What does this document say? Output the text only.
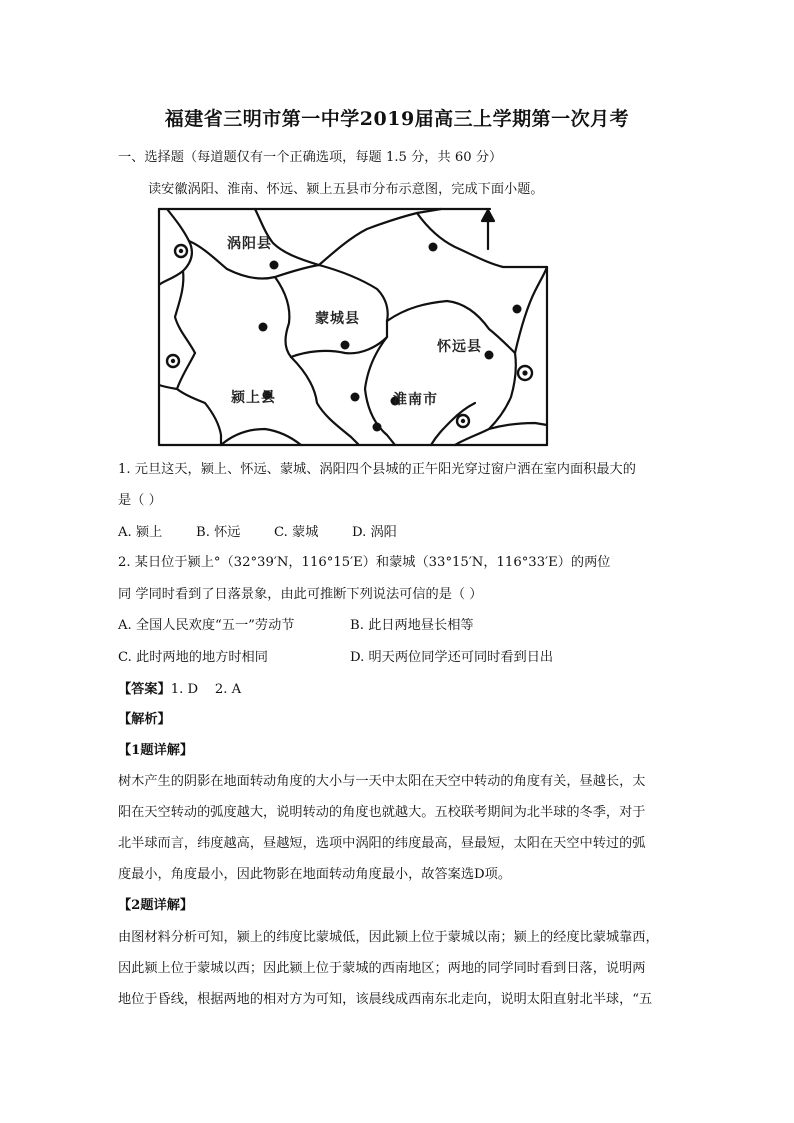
福建省三明市第一中学2019届高三上学期第一次月考
一、选择题（每道题仅有一个正确选项，每题 1.5 分，共 60 分）
读安徽涡阳、淮南、怀远、颍上五县市分布示意图，完成下面小题。
涡阳县
蒙城县
怀远县
颍上县	淮南市
1. 元旦这天，颍上、怀远、蒙城、涡阳四个县城的正午阳光穿过窗户洒在室内面积最大的
是（ ）
A. 颍上	B. 怀远	C. 蒙城	D. 涡阳
2. 某日位于颍上°（32°39′N，116°15′E）和蒙城（33°15′N，116°33′E）的两位
同 学同时看到了日落景象，由此可推断下列说法可信的是（ ）
A. 全国人民欢度“五一”劳动节	B. 此日两地昼长相等
C. 此时两地的地方时相同	D. 明天两位同学还可同时看到日出
【答案】1. D    2. A
【解析】
【1题详解】
树木产生的阴影在地面转动角度的大小与一天中太阳在天空中转动的角度有关，昼越长，太
阳在天空转动的弧度越大，说明转动的角度也就越大。五校联考期间为北半球的冬季，对于
北半球而言，纬度越高，昼越短，选项中涡阳的纬度最高，昼最短，太阳在天空中转过的弧
度最小，角度最小，因此物影在地面转动角度最小，故答案选D项。
【2题详解】
由图材料分析可知，颍上的纬度比蒙城低，因此颍上位于蒙城以南；颍上的经度比蒙城靠西，
因此颍上位于蒙城以西；因此颍上位于蒙城的西南地区；两地的同学同时看到日落，说明两
地位于昏线，根据两地的相对方为可知，该晨线成西南东北走向，说明太阳直射北半球，“五
